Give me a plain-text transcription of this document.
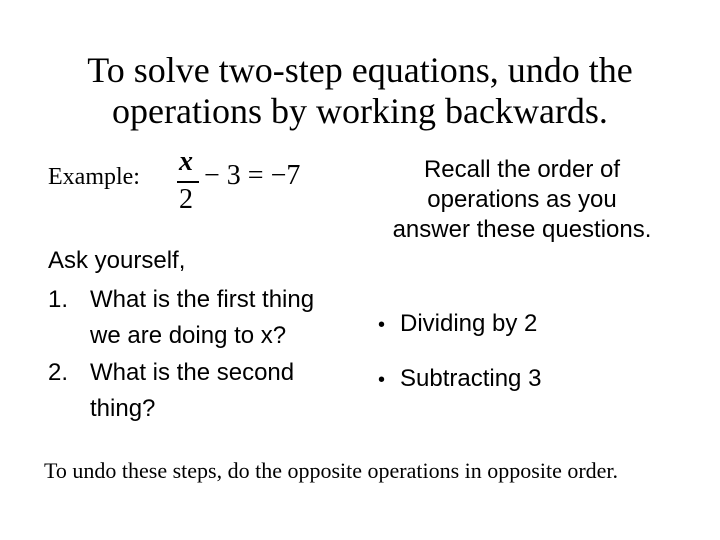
To solve two-step equations, undo the
operations by working backwards.
Example: x
2
− 3 = −7
Ask yourself,
1. What is the first thing
we are doing to x?
2. What is the second
thing?
Recall the order of
operations as you
answer these questions.
• Dividing by 2
• Subtracting 3
To undo these steps, do the opposite operations in opposite order.
